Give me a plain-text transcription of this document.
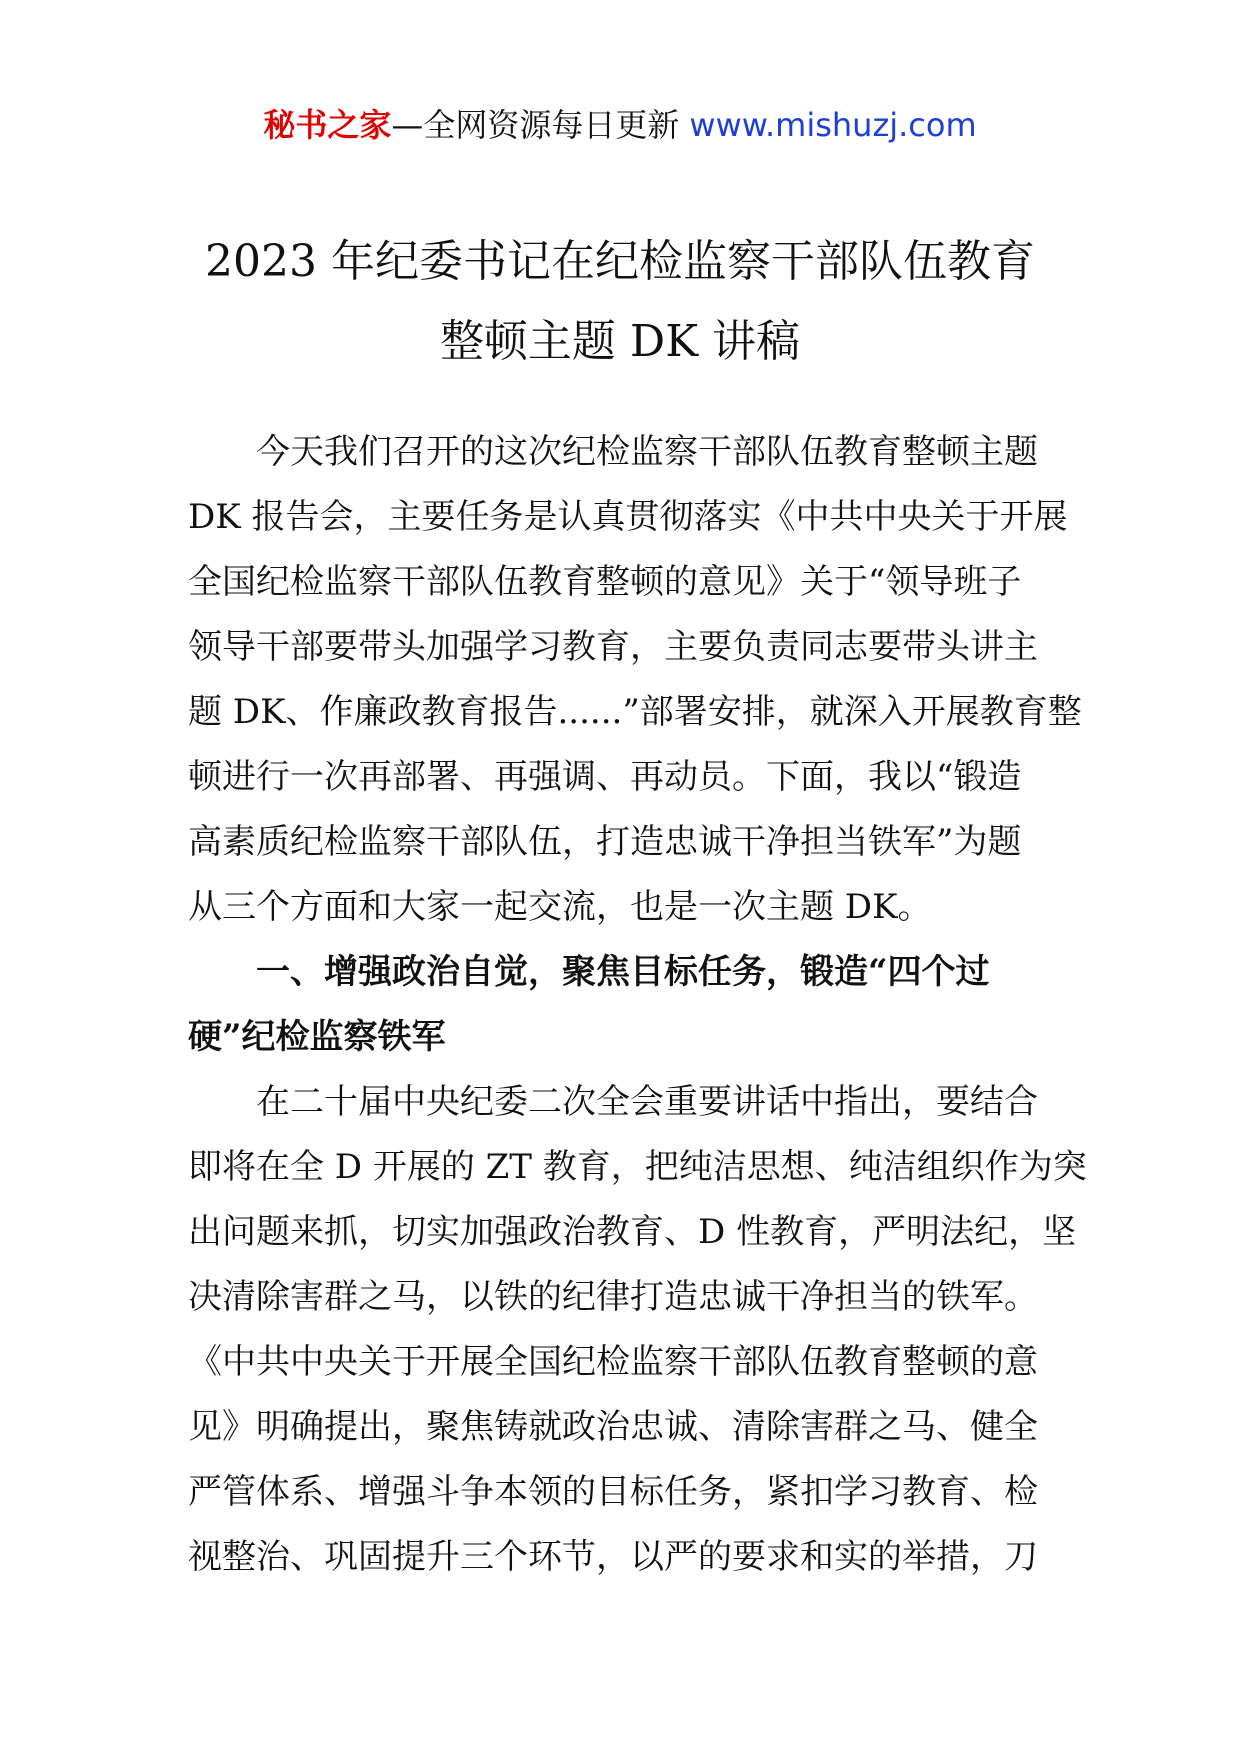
秘书之家—全网资源每日更新 www.mishuzj.com
2023 年纪委书记在纪检监察干部队伍教育
整顿主题 DK 讲稿
今天我们召开的这次纪检监察干部队伍教育整顿主题
DK 报告会，主要任务是认真贯彻落实《中共中央关于开展
全国纪检监察干部队伍教育整顿的意见》关于“领导班子
领导干部要带头加强学习教育，主要负责同志要带头讲主
题 DK、作廉政教育报告......”部署安排，就深入开展教育整
顿进行一次再部署、再强调、再动员。下面，我以“锻造
高素质纪检监察干部队伍，打造忠诚干净担当铁军”为题
从三个方面和大家一起交流，也是一次主题 DK。
一、增强政治自觉，聚焦目标任务，锻造“四个过
硬”纪检监察铁军
在二十届中央纪委二次全会重要讲话中指出，要结合
即将在全 D 开展的 ZT 教育，把纯洁思想、纯洁组织作为突
出问题来抓，切实加强政治教育、D 性教育，严明法纪，坚
决清除害群之马，以铁的纪律打造忠诚干净担当的铁军。
《中共中央关于开展全国纪检监察干部队伍教育整顿的意
见》明确提出，聚焦铸就政治忠诚、清除害群之马、健全
严管体系、增强斗争本领的目标任务，紧扣学习教育、检
视整治、巩固提升三个环节，以严的要求和实的举措，刀
